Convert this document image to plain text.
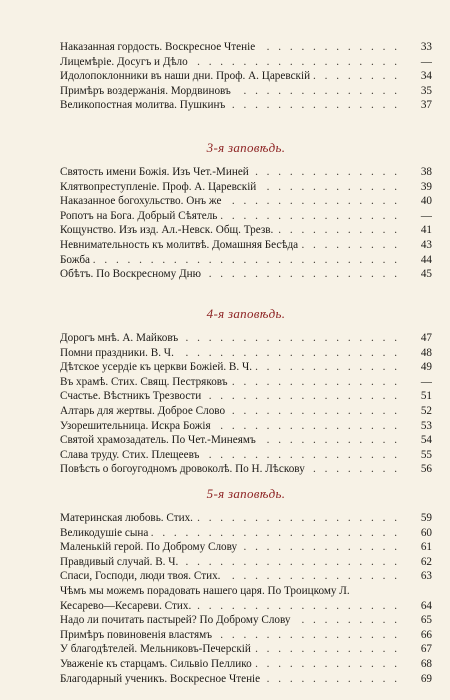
. . .
Наказанная гордость. Воскресное Чтеніе	33
. . .
Лицемѣріе. Досугъ и Дѣло	—
. . .
Идолопоклонники въ наши дни. Проф. А. Царевскій	34
. . .
Примѣръ воздержанія. Мордвиновъ	35
. . .
Великопостная молитва. Пушкинъ	37
3-я заповѣдь.
. . .
Святость имени Божія. Изъ Чет.-Миней	38
. . .
Клятвопреступленіе. Проф. А. Царевскій	39
. . .
Наказанное богохульство. Онъ же	40
. . .
Ропотъ на Бога. Добрый Сѣятель	—
. . .
Кощунство. Изъ изд. Ал.-Невск. Общ. Трезв.	41
. . .
Невнимательность къ молитвѣ. Домашняя Бесѣда	43
. . .
Божба	44
. . .
Обѣтъ. По Воскресному Дню	45
4-я заповѣдь.
. . .
Дорогъ мнѣ. А. Майковъ	47
. . .
Помни праздники. В. Ч.	48
. . .
Дѣтское усердіе къ церкви Божіей. В. Ч.	49
. . .
Въ храмѣ. Стих. Свящ. Пестряковъ	—
. . .
Счастье. Вѣстникъ Трезвости	51
. . .
Алтарь для жертвы. Доброе Слово	52
. . .
Узорешительница. Искра Божія	53
. . .
Святой храмозадатель. По Чет.-Минеямъ	54
. . .
Слава труду. Стих. Плещеевъ	55
. . .
Повѣсть о богоугодномъ дровоколѣ. По Н. Лѣскову	56
5-я заповѣдь.
. . .
Материнская любовь. Стих.	59
. . .
Великодушіе сына	60
. . .
Маленькій герой. По Доброму Слову	61
. . .
Правдивый случай. В. Ч.	62
. . .
Спаси, Господи, люди твоя. Стих.	63
Чѣмъ мы можемъ порадовать нашего царя. По Троицкому Л.
. . .
Кесарево—Кесареви. Стих.	64
. . .
Надо ли почитать пастырей? По Доброму Слову	65
. . .
Примѣръ повиновенія властямъ	66
. . .
У благодѣтелей. Мельниковъ-Печерскій	67
. . .
Уваженіе къ старцамъ. Сильвіо Пеллико	68
. . .
Благодарный ученикъ. Воскресное Чтеніе	69
